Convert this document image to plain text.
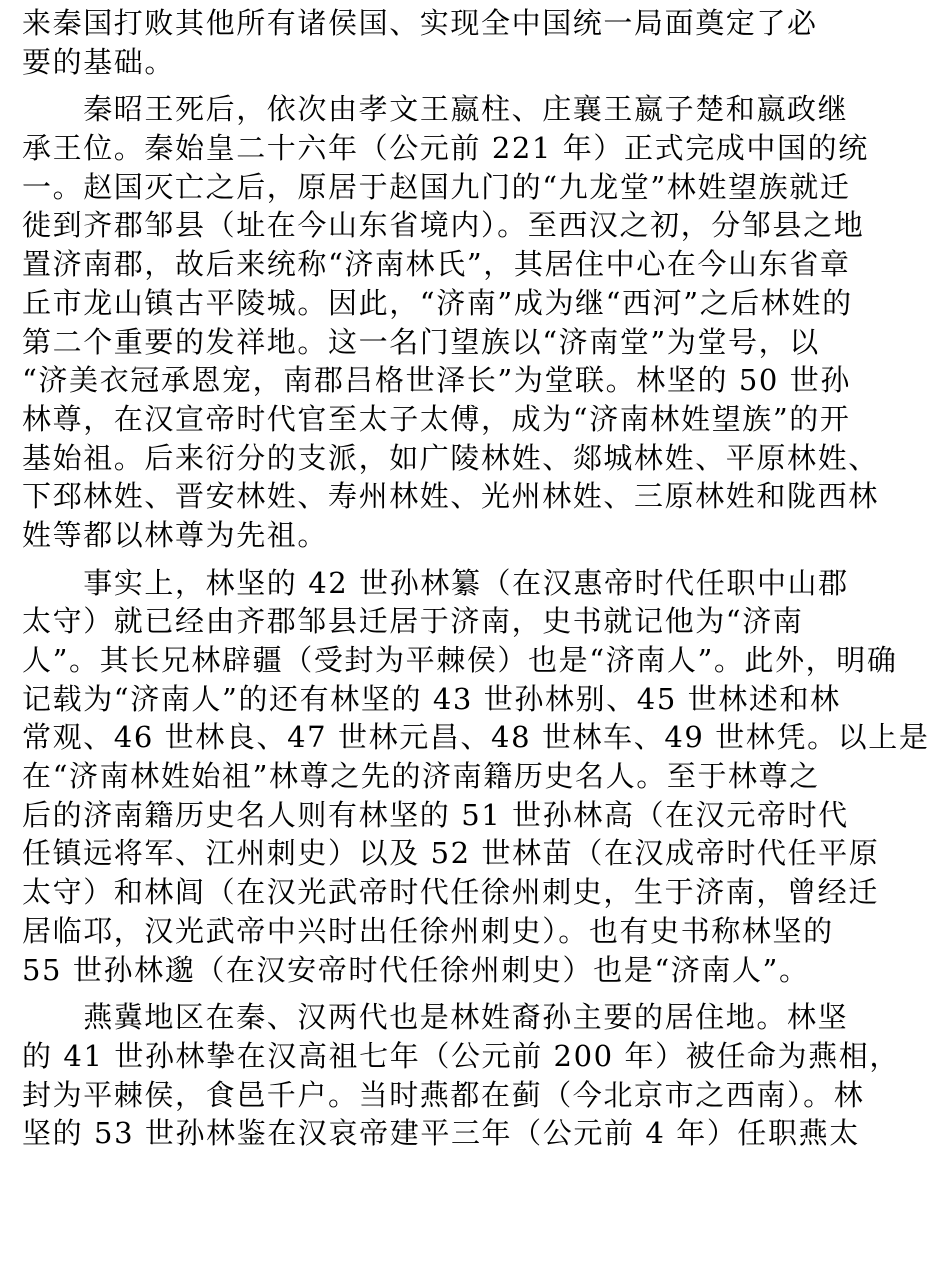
来秦国打败其他所有诸侯国、实现全中国统一局面奠定了必
要的基础。
　　秦昭王死后，依次由孝文王嬴柱、庄襄王嬴子楚和嬴政继
承王位。秦始皇二十六年（公元前 221 年）正式完成中国的统
一。赵国灭亡之后，原居于赵国九门的“九龙堂”林姓望族就迁
徙到齐郡邹县（址在今山东省境内）。至西汉之初，分邹县之地
置济南郡，故后来统称“济南林氏”，其居住中心在今山东省章
丘市龙山镇古平陵城。因此，“济南”成为继“西河”之后林姓的
第二个重要的发祥地。这一名门望族以“济南堂”为堂号，以
“济美衣冠承恩宠，南郡吕格世泽长”为堂联。林坚的 50 世孙
林尊，在汉宣帝时代官至太子太傅，成为“济南林姓望族”的开
基始祖。后来衍分的支派，如广陵林姓、郯城林姓、平原林姓、
下邳林姓、晋安林姓、寿州林姓、光州林姓、三原林姓和陇西林
姓等都以林尊为先祖。
　　事实上，林坚的 42 世孙林纂（在汉惠帝时代任职中山郡
太守）就已经由齐郡邹县迁居于济南，史书就记他为“济南
人”。其长兄林辟疆（受封为平棘侯）也是“济南人”。此外，明确
记载为“济南人”的还有林坚的 43 世孙林别、45 世林述和林
常观、46 世林良、47 世林元昌、48 世林车、49 世林凭。以上是
在“济南林姓始祖”林尊之先的济南籍历史名人。至于林尊之
后的济南籍历史名人则有林坚的 51 世孙林高（在汉元帝时代
任镇远将军、江州刺史）以及 52 世林苗（在汉成帝时代任平原
太守）和林闾（在汉光武帝时代任徐州刺史，生于济南，曾经迁
居临邛，汉光武帝中兴时出任徐州刺史）。也有史书称林坚的
55 世孙林邈（在汉安帝时代任徐州刺史）也是“济南人”。
　　燕冀地区在秦、汉两代也是林姓裔孙主要的居住地。林坚
的 41 世孙林挚在汉高祖七年（公元前 200 年）被任命为燕相，
封为平棘侯，食邑千户。当时燕都在蓟（今北京市之西南）。林
坚的 53 世孙林鉴在汉哀帝建平三年（公元前 4 年）任职燕太
